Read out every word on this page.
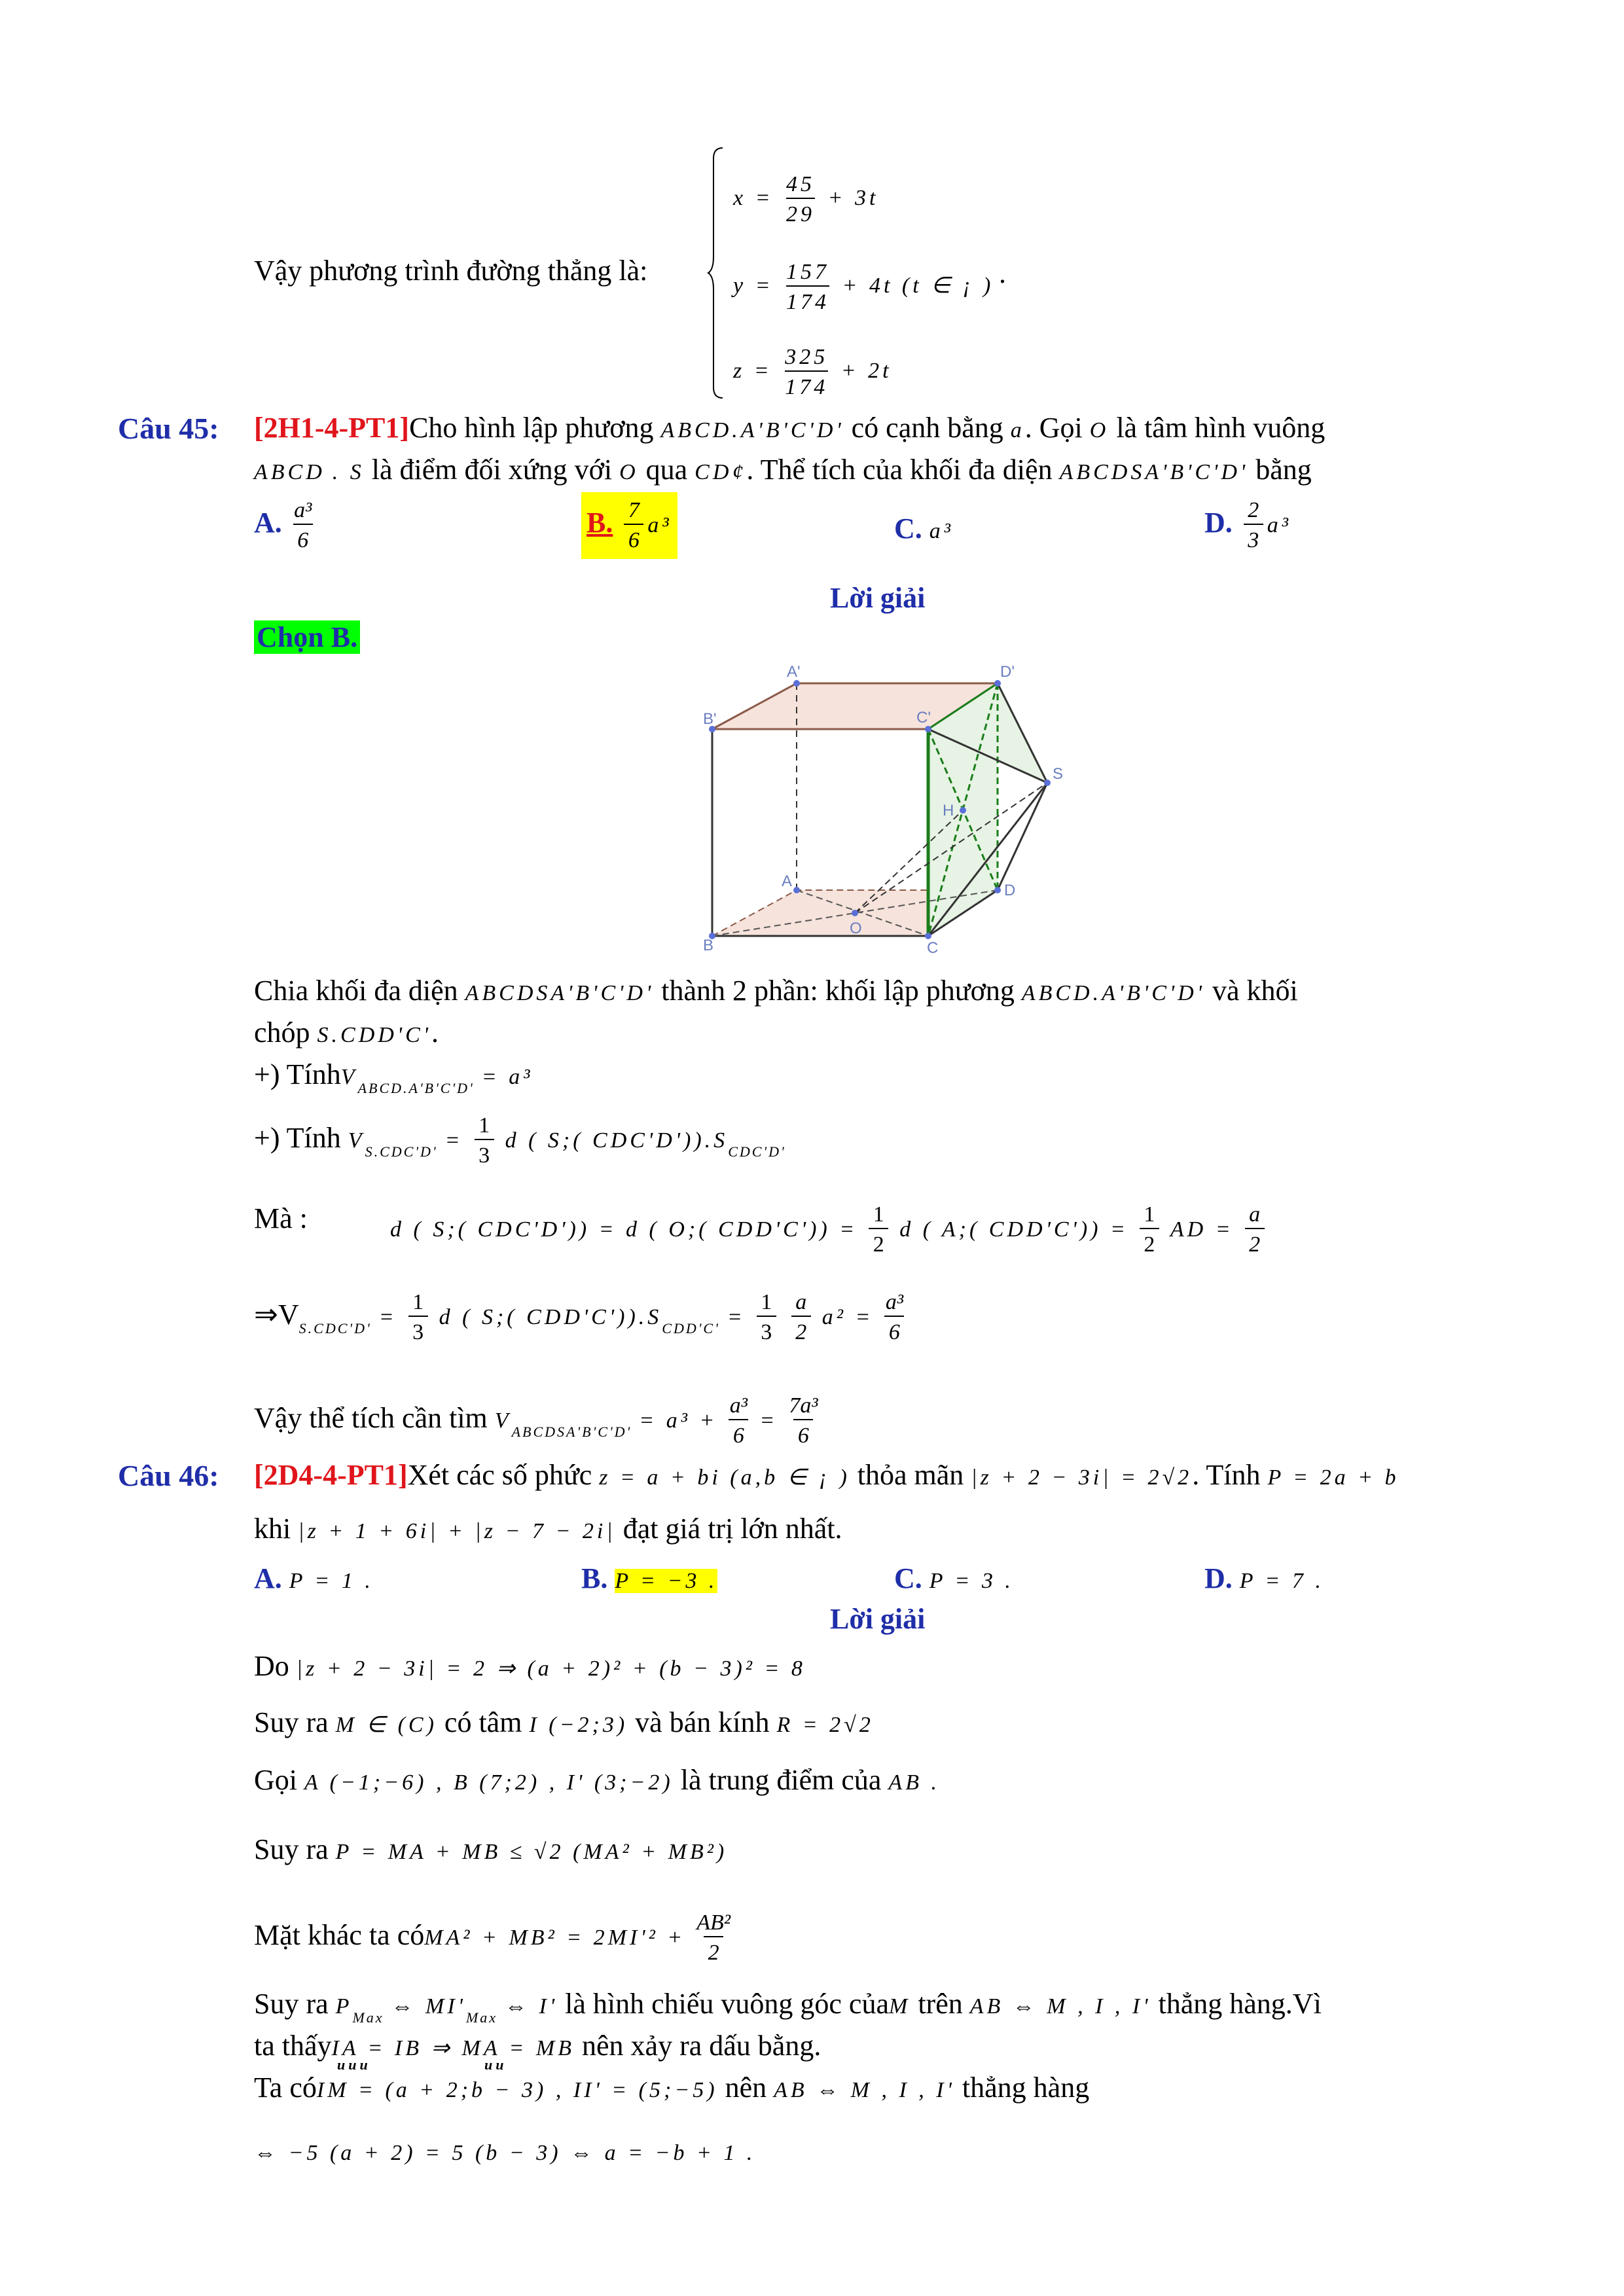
Vậy phương trình đường thẳng là:
$x = \frac{45}{29} + 3t$
$y = \frac{157}{174} + 4t$ (t ∈ ¡ ) .
$z = \frac{325}{174} + 2t$
Câu 45: [2H1-4-PT1]Cho hình lập phương ABCD.A'B'C'D' có cạnh bằng a. Gọi O là tâm hình vuông
ABCD . S là điểm đối xứng với O qua CD¢. Thể tích của khối đa diện ABCDSA'B'C'D' bằng
A. $\frac{\text{a³}}{6}$	B. $\frac{7}{6} a^3$	C. a³	D. $\frac{2}{3} a^3$
Lời giải
Chọn B.
A'	D'
B'	C'
S
H
A
D
B
O
C
Chia khối đa diện ABCDSA'B'C'D' thành 2 phần: khối lập phương ABCD.A'B'C'D' và khối
chóp S.CDD'C'.
+) TínhV$_{ABCD.A'B'C'D'}$ = a³
+) Tính $V_{S.CDC'D'} = \frac{1}{3}$ d ( S;( $CDC'D')).S_{CDC'D'}$
Mà :	d ( S;( CDC'D')) = d ( O;( $CDD'C')) = \frac{1}{2}$ d ( A;( $CDD'C')) = \frac{1}{2}$ AD = $\frac{a}{2}$
$\Rightarrow V_{S.CDC'D'} = \frac{1}{3}$ d ( S;( $CDD'C')).S_{CDD'C'} = \frac{1}{3}$
$\frac{a}{2} a^2 = \frac{\text{a³}}{6}$
Vậy thể tích cần tìm $V_{ABCDSA'B'C'D'} = a^3 + \frac{\text{a³}}{6} = \frac{\text{7a³}}{6}$
Câu 46: [2D4-4-PT1]Xét các số phức z = a + bi (a,b ∈ ¡ ) thỏa mãn |z + 2 − 3i| = 2√2. Tính P = 2a + b
khi |z + 1 + 6i| + |z − 7 − 2i| đạt giá trị lớn nhất.
A. P = 1 .	B. P = −3 .	C. P = 3 .	D. P = 7 .
Lời giải
Do |z + 2 − 3i| = 2 ⇒ (a + 2)² + (b − 3)² = 8
Suy ra M ∈ (C) có tâm I (−2;3) và bán kính R = 2√2
Gọi A (−1;−6) , B (7;2) , I' (3;−2) là trung điểm của AB .
Suy ra P = MA + MB ≤ √2 (MA² + MB²)
Mặt khác ta cóMA² + $MB^2 = 2MI'^2 + \frac{\text{AB²}}{2}$
Suy ra $P_{Max}$ ⇔ $MI'_{Max}$ ⇔ I' là hình chiếu vuông góc củaM trên AB ⇔ M , I , I' thẳng hàng.Vì
ta thấyIA = IB ⇒ MA = MB nên xảy ra dấu bằng.
uuu	uu
Ta cóIM = (a + 2;b − 3) , II' = (5;−5) nên AB ⇔ M , I , I' thẳng hàng
⇔ −5 (a + 2) = 5 (b − 3) ⇔ a = −b + 1 .
